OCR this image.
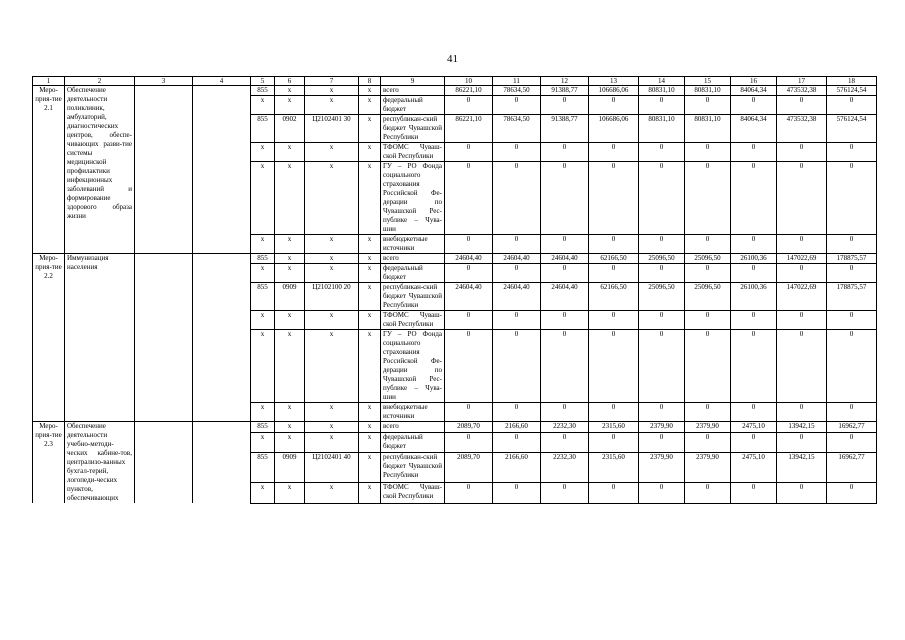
41
1	2	3	4	5	6	7	8	9	10	11	12	13	14	15	16	17	18
Меро-прия-тие 2.1	Обеспечение деятельности поликлиник, амбулаторий, диагностических центров, обеспе-чивающих разви-тие системы медицинской профилактики инфекционных заболеваний и формирование здорового образа жизни			855	x	x	x	всего	86221,10	78634,50	91388,77	106686,06	80831,10	80831,10	84064,34	473532,38	576124,54
				x	x	x	x	федеральный бюджет	0	0	0	0	0	0	0	0	0
				855	0902	Ц2102401 30	x	республикан-ский бюджет Чувашской Республики	86221,10	78634,50	91388,77	106686,06	80831,10	80831,10	84064,34	473532,38	576124,54
				x	x	x	x	ТФОМС Чуваш-ской Республики	0	0	0	0	0	0	0	0	0
				x	x	x	x	ГУ – РО Фонда социального страхования Российской Фе-дерации по Чувашской Рес-публике – Чува-шии	0	0	0	0	0	0	0	0	0
				x	x	x	x	внебюджетные источники	0	0	0	0	0	0	0	0	0
Меро-прия-тие 2.2	Иммунизация населения			855	x	x	x	всего	24604,40	24604,40	24604,40	62166,50	25096,50	25096,50	26100,36	147022,69	178875,57
				x	x	x	x	федеральный бюджет	0	0	0	0	0	0	0	0	0
				855	0909	Ц2102100 20	x	республикан-ский бюджет Чувашской Республики	24604,40	24604,40	24604,40	62166,50	25096,50	25096,50	26100,36	147022,69	178875,57
				x	x	x	x	ТФОМС Чуваш-ской Республики	0	0	0	0	0	0	0	0	0
				x	x	x	x	ГУ – РО Фонда социального страхования Российской Фе-дерации по Чувашской Рес-публике – Чува-шии	0	0	0	0	0	0	0	0	0
				x	x	x	x	внебюджетные источники	0	0	0	0	0	0	0	0	0
Меро-прия-тие 2.3	Обеспечение деятельности учебно-методи-ческих кабине-тов, централизо-ванных бухгал-терий, логопеди-ческих пунктов, обеспечивающих			855	x	x	x	всего	2089,70	2166,60	2232,30	2315,60	2379,90	2379,90	2475,10	13942,15	16962,77
				x	x	x	x	федеральный бюджет	0	0	0	0	0	0	0	0	0
				855	0909	Ц2102401 40	x	республикан-ский бюджет Чувашской Республики	2089,70	2166,60	2232,30	2315,60	2379,90	2379,90	2475,10	13942,15	16962,77
				x	x	x	x	ТФОМС Чуваш-ской Республики	0	0	0	0	0	0	0	0	0
